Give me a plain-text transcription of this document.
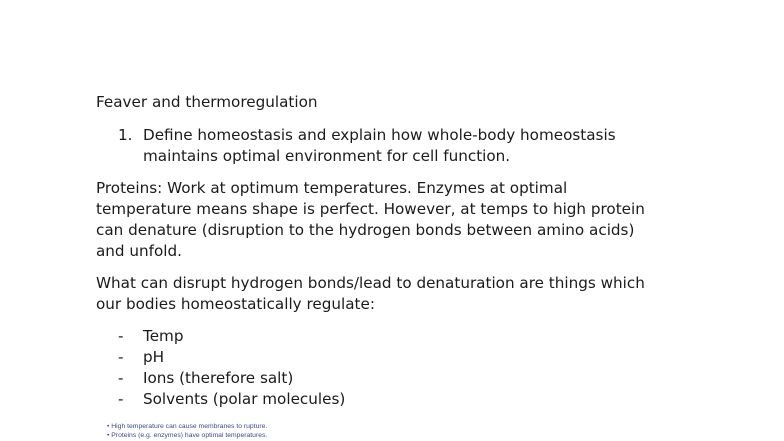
Feaver and thermoregulation
1. Define homeostasis and explain how whole-body homeostasis
maintains optimal environment for cell function.
Proteins: Work at optimum temperatures. Enzymes at optimal
temperature means shape is perfect. However, at temps to high protein
can denature (disruption to the hydrogen bonds between amino acids)
and unfold.
What can disrupt hydrogen bonds/lead to denaturation are things which
our bodies homeostatically regulate:
- Temp
- pH
- Ions (therefore salt)
- Solvents (polar molecules)
• High temperature can cause membranes to rupture.
• Proteins (e.g. enzymes) have optimal temperatures.
